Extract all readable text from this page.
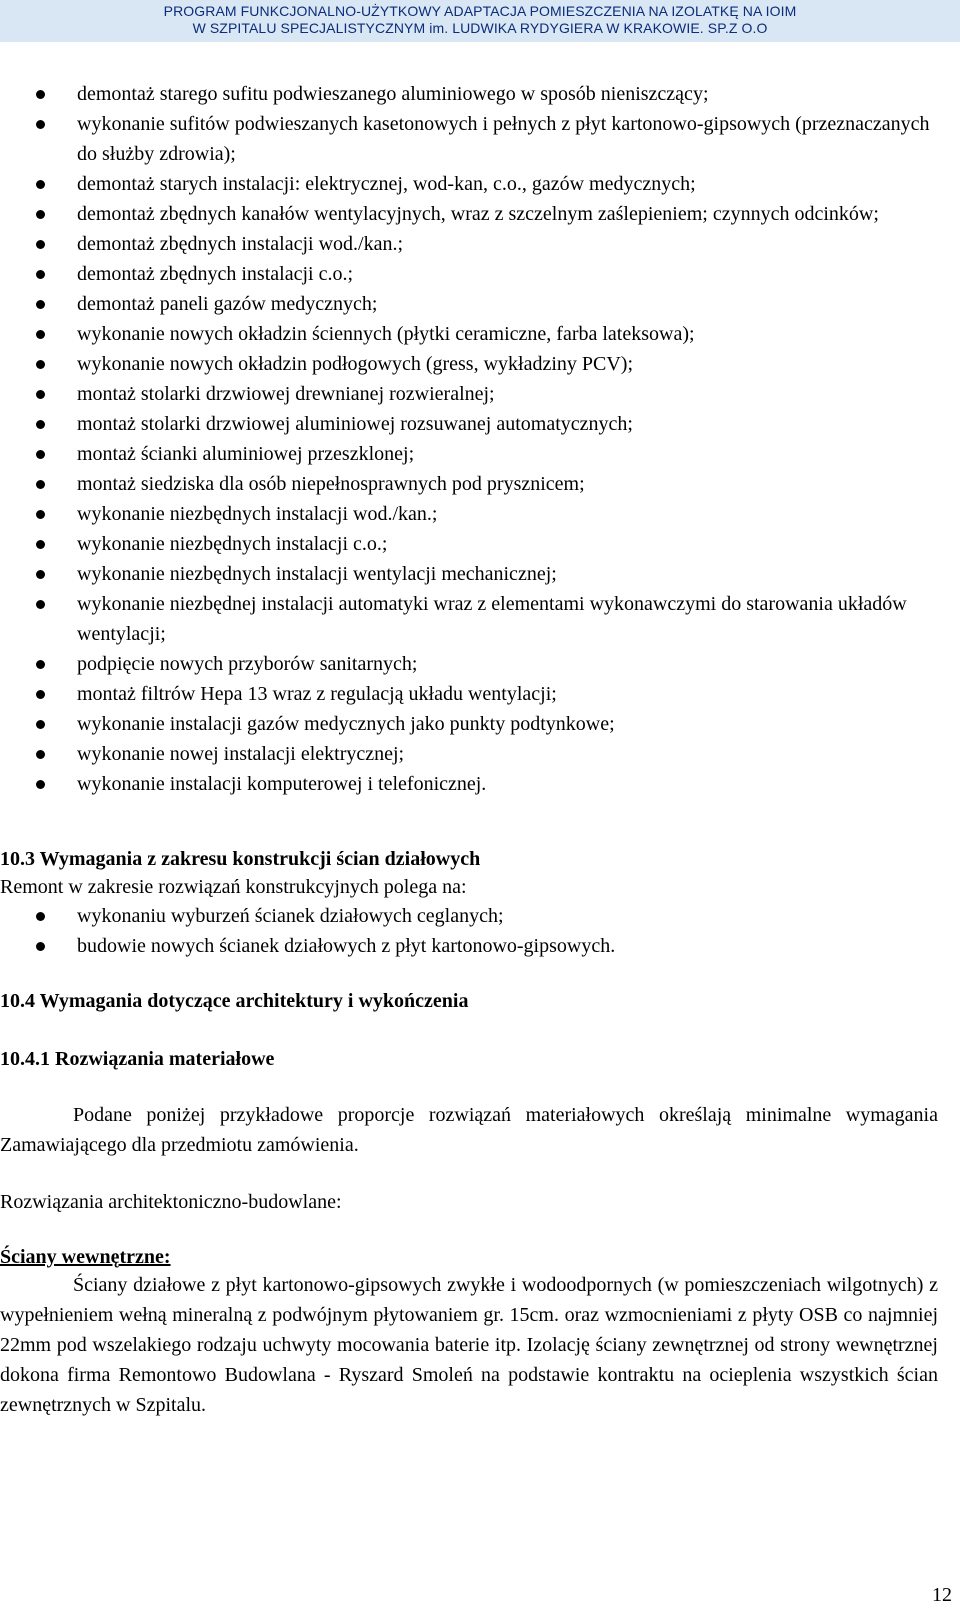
PROGRAM FUNKCJONALNO-UŻYTKOWY ADAPTACJA POMIESZCZENIA NA IZOLATKĘ NA IOIM
W SZPITALU SPECJALISTYCZNYM im. LUDWIKA RYDYGIERA W KRAKOWIE. SP.Z O.O
demontaż starego sufitu podwieszanego aluminiowego w sposób nieniszczący;
wykonanie sufitów podwieszanych kasetonowych i pełnych z płyt kartonowo-gipsowych (przeznaczanych do służby zdrowia);
demontaż starych instalacji: elektrycznej, wod-kan, c.o., gazów medycznych;
demontaż zbędnych kanałów wentylacyjnych, wraz z szczelnym zaślepieniem; czynnych odcinków;
demontaż zbędnych instalacji wod./kan.;
demontaż zbędnych instalacji c.o.;
demontaż paneli gazów medycznych;
wykonanie nowych okładzin ściennych (płytki ceramiczne, farba lateksowa);
wykonanie nowych okładzin podłogowych (gress, wykładziny PCV);
montaż stolarki drzwiowej drewnianej rozwieralnej;
montaż stolarki drzwiowej aluminiowej rozsuwanej automatycznych;
montaż ścianki aluminiowej przeszklonej;
montaż siedziska dla osób niepełnosprawnych pod prysznicem;
wykonanie niezbędnych instalacji wod./kan.;
wykonanie niezbędnych instalacji c.o.;
wykonanie niezbędnych instalacji wentylacji mechanicznej;
wykonanie niezbędnej instalacji automatyki wraz z elementami wykonawczymi do starowania układów wentylacji;
podpięcie nowych przyborów sanitarnych;
montaż filtrów Hepa 13 wraz z regulacją układu wentylacji;
wykonanie instalacji gazów medycznych jako punkty podtynkowe;
wykonanie nowej instalacji elektrycznej;
wykonanie instalacji komputerowej i telefonicznej.
10.3 Wymagania z zakresu konstrukcji ścian działowych
Remont w zakresie rozwiązań konstrukcyjnych polega na:
wykonaniu wyburzeń ścianek działowych ceglanych;
budowie nowych ścianek działowych z płyt kartonowo-gipsowych.
10.4 Wymagania dotyczące architektury i wykończenia
10.4.1 Rozwiązania materiałowe
Podane poniżej przykładowe proporcje rozwiązań materiałowych określają minimalne wymagania Zamawiającego dla przedmiotu zamówienia.
Rozwiązania architektoniczno-budowlane:
Ściany wewnętrzne:
Ściany działowe z płyt kartonowo-gipsowych zwykłe i wodoodpornych (w pomieszczeniach wilgotnych) z wypełnieniem wełną mineralną z podwójnym płytowaniem gr. 15cm. oraz wzmocnieniami z płyty OSB co najmniej 22mm pod wszelakiego rodzaju uchwyty mocowania baterie itp. Izolację ściany zewnętrznej od strony wewnętrznej dokona firma Remontowo Budowlana - Ryszard Smoleń na podstawie kontraktu na ocieplenia wszystkich ścian zewnętrznych w Szpitalu.
12
